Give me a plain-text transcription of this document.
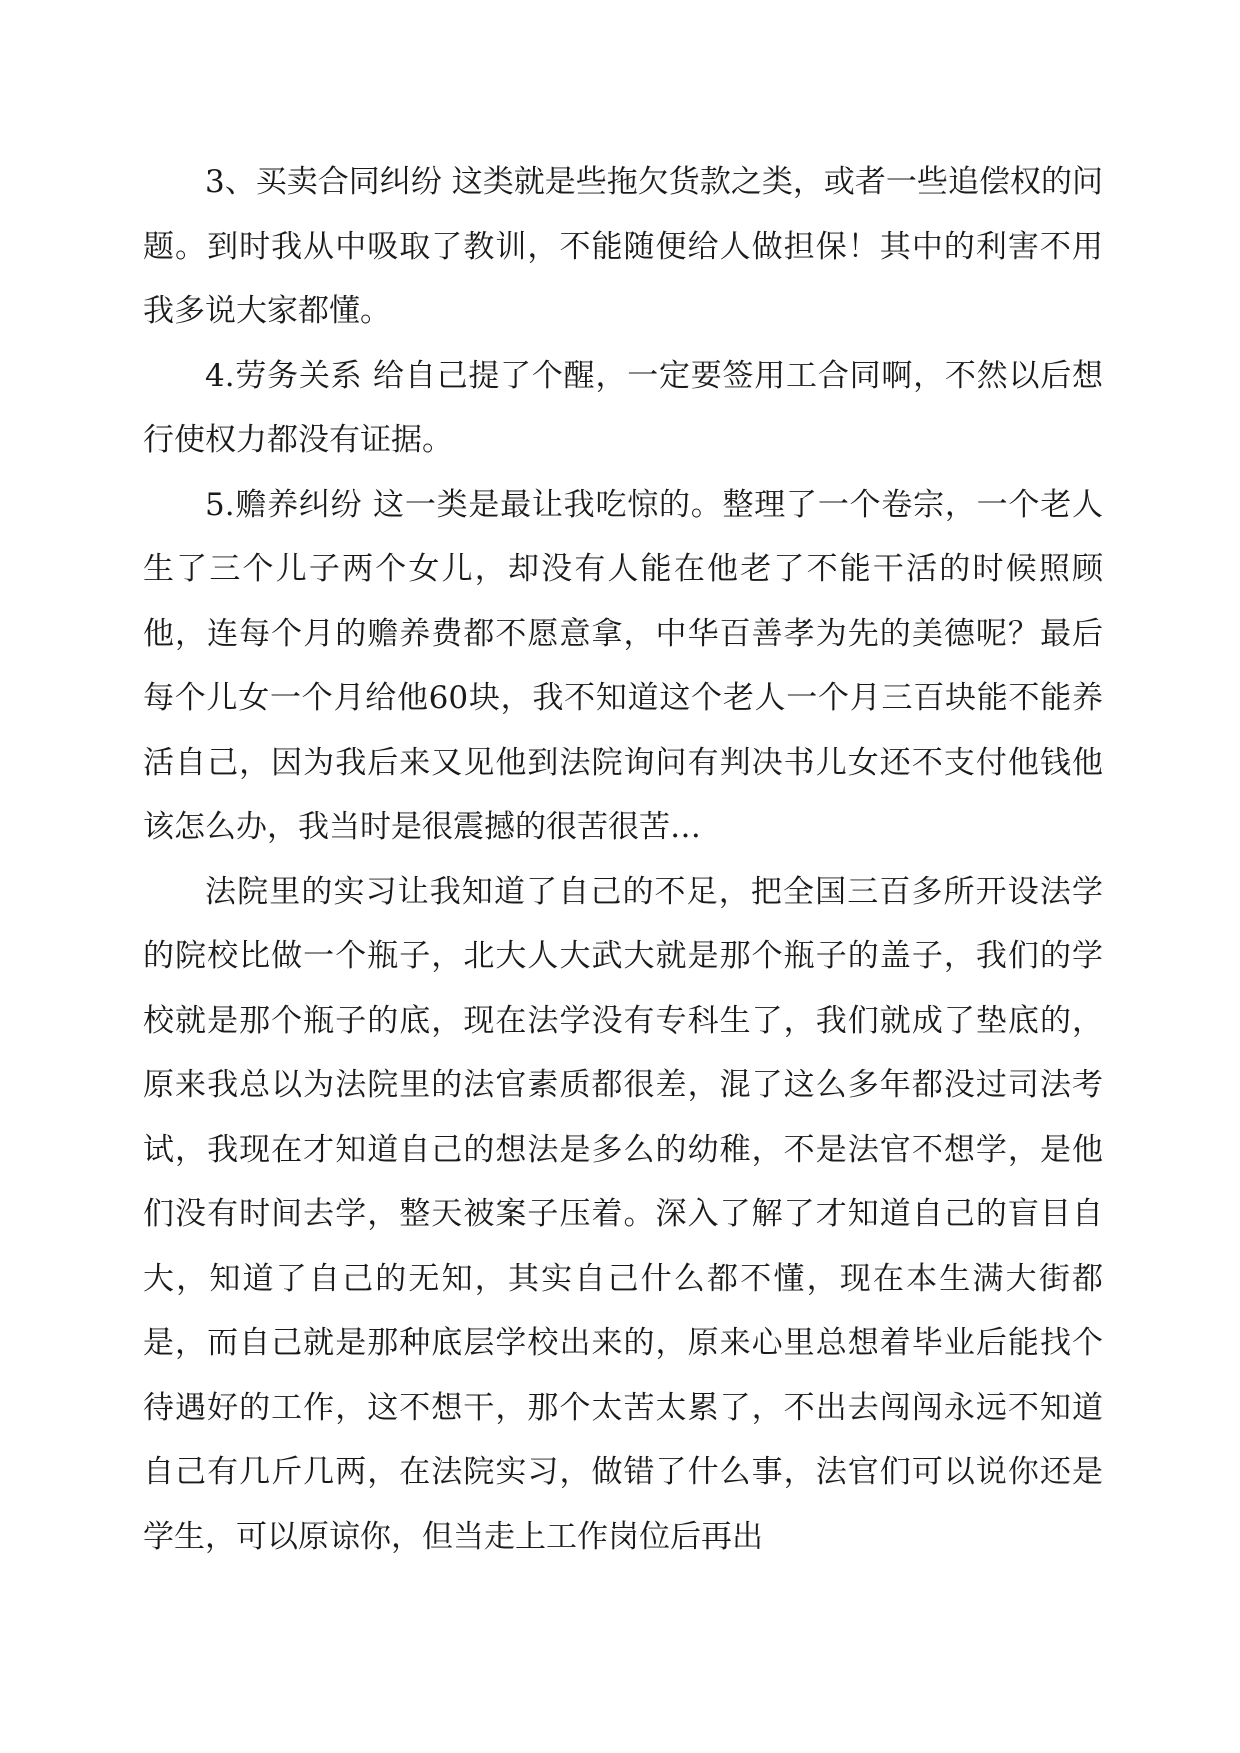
3、买卖合同纠纷 这类就是些拖欠货款之类，或者一些追偿权的问题。到时我从中吸取了教训，不能随便给人做担保！其中的利害不用我多说大家都懂。

4.劳务关系 给自己提了个醒，一定要签用工合同啊，不然以后想行使权力都没有证据。

5.赡养纠纷 这一类是最让我吃惊的。整理了一个卷宗，一个老人生了三个儿子两个女儿，却没有人能在他老了不能干活的时候照顾他，连每个月的赡养费都不愿意拿，中华百善孝为先的美德呢？最后每个儿女一个月给他60块，我不知道这个老人一个月三百块能不能养活自己，因为我后来又见他到法院询问有判决书儿女还不支付他钱他该怎么办，我当时是很震撼的很苦很苦…

法院里的实习让我知道了自己的不足，把全国三百多所开设法学的院校比做一个瓶子，北大人大武大就是那个瓶子的盖子，我们的学校就是那个瓶子的底，现在法学没有专科生了，我们就成了垫底的，原来我总以为法院里的法官素质都很差，混了这么多年都没过司法考试，我现在才知道自己的想法是多么的幼稚，不是法官不想学，是他们没有时间去学，整天被案子压着。深入了解了才知道自己的盲目自大，知道了自己的无知，其实自己什么都不懂，现在本生满大街都是，而自己就是那种底层学校出来的，原来心里总想着毕业后能找个待遇好的工作，这不想干，那个太苦太累了，不出去闯闯永远不知道自己有几斤几两，在法院实习，做错了什么事，法官们可以说你还是学生，可以原谅你，但当走上工作岗位后再出
